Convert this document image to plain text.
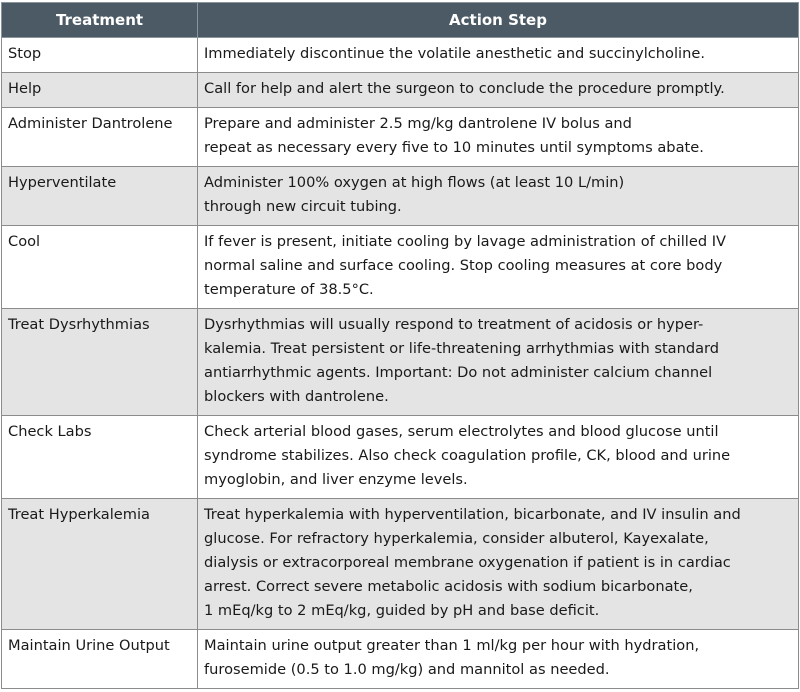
Treatment	Action Step
Stop	Immediately discontinue the volatile anesthetic and succinylcholine.

Help	Call for help and alert the surgeon to conclude the procedure promptly.

Administer Dantrolene	Prepare and administer 2.5 mg/kg dantrolene IV bolus and
repeat as necessary every five to 10 minutes until symptoms abate.

Hyperventilate	Administer 100% oxygen at high flows (at least 10 L/min)
through new circuit tubing.

Cool	If fever is present, initiate cooling by lavage administration of chilled IV
normal saline and surface cooling. Stop cooling measures at core body
temperature of 38.5°C.

Treat Dysrhythmias	Dysrhythmias will usually respond to treatment of acidosis or hyper-
kalemia. Treat persistent or life-threatening arrhythmias with standard
antiarrhythmic agents. Important: Do not administer calcium channel
blockers with dantrolene.

Check Labs	Check arterial blood gases, serum electrolytes and blood glucose until
syndrome stabilizes. Also check coagulation profile, CK, blood and urine
myoglobin, and liver enzyme levels.

Treat Hyperkalemia	Treat hyperkalemia with hyperventilation, bicarbonate, and IV insulin and
glucose. For refractory hyperkalemia, consider albuterol, Kayexalate,
dialysis or extracorporeal membrane oxygenation if patient is in cardiac
arrest. Correct severe metabolic acidosis with sodium bicarbonate,
1 mEq/kg to 2 mEq/kg, guided by pH and base deficit.

Maintain Urine Output	Maintain urine output greater than 1 ml/kg per hour with hydration,
furosemide (0.5 to 1.0 mg/kg) and mannitol as needed.
